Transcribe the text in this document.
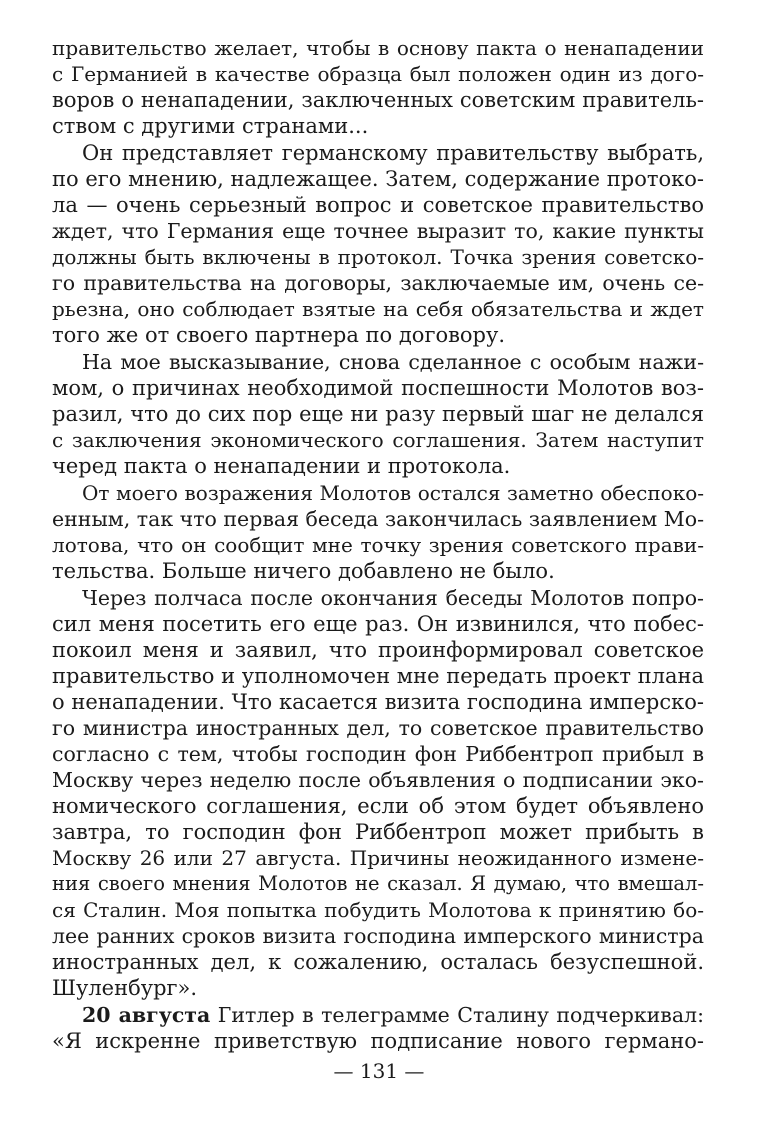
правительство желает, чтобы в основу пакта о ненападении
с Германией в качестве образца был положен один из дого-
воров о ненападении, заключенных советским правитель-
ством с другими странами...
Он представляет германскому правительству выбрать,
по его мнению, надлежащее. Затем, содержание протоко-
ла — очень серьезный вопрос и советское правительство
ждет, что Германия еще точнее выразит то, какие пункты
должны быть включены в протокол. Точка зрения советско-
го правительства на договоры, заключаемые им, очень се-
рьезна, оно соблюдает взятые на себя обязательства и ждет
того же от своего партнера по договору.
На мое высказывание, снова сделанное с особым нажи-
мом, о причинах необходимой поспешности Молотов воз-
разил, что до сих пор еще ни разу первый шаг не делался
с заключения экономического соглашения. Затем наступит
черед пакта о ненападении и протокола.
От моего возражения Молотов остался заметно обеспоко-
енным, так что первая беседа закончилась заявлением Мо-
лотова, что он сообщит мне точку зрения советского прави-
тельства. Больше ничего добавлено не было.
Через полчаса после окончания беседы Молотов попро-
сил меня посетить его еще раз. Он извинился, что побес-
покоил меня и заявил, что проинформировал советское
правительство и уполномочен мне передать проект плана
о ненападении. Что касается визита господина имперско-
го министра иностранных дел, то советское правительство
согласно с тем, чтобы господин фон Риббентроп прибыл в
Москву через неделю после объявления о подписании эко-
номического соглашения, если об этом будет объявлено
завтра, то господин фон Риббентроп может прибыть в
Москву 26 или 27 августа. Причины неожиданного измене-
ния своего мнения Молотов не сказал. Я думаю, что вмешал-
ся Сталин. Моя попытка побудить Молотова к принятию бо-
лее ранних сроков визита господина имперского министра
иностранных дел, к сожалению, осталась безуспешной.
Шуленбург».
20 августа Гитлер в телеграмме Сталину подчеркивал:
«Я искренне приветствую подписание нового германо-
— 131 —
